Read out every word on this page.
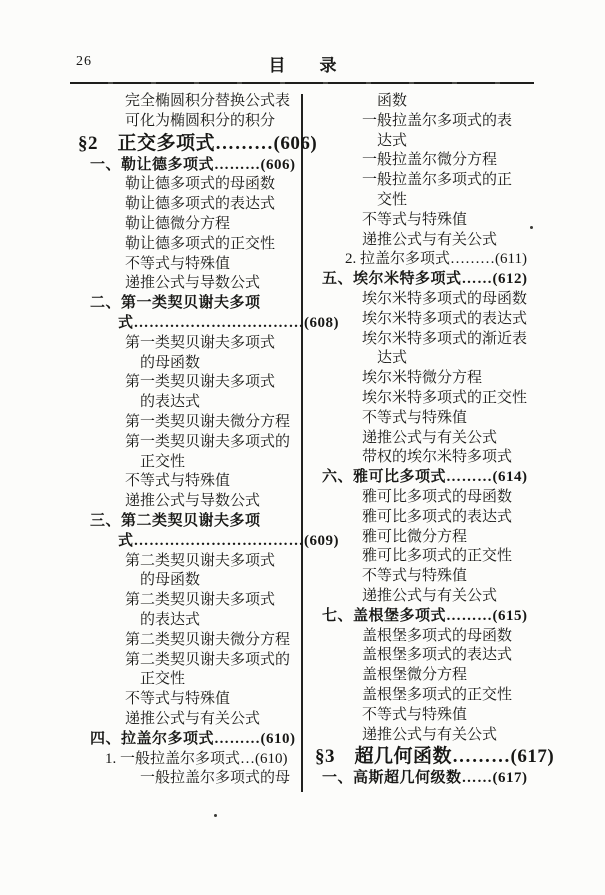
26	目　　录
完全椭圆积分替换公式表
可化为椭圆积分的积分
§2　正交多项式………(606)
一、勒让德多项式………(606)
勒让德多项式的母函数
勒让德多项式的表达式
勒让德微分方程
勒让德多项式的正交性
不等式与特殊值
递推公式与导数公式
二、第一类契贝谢夫多项
式……………………………(608)
第一类契贝谢夫多项式
的母函数
第一类契贝谢夫多项式
的表达式
第一类契贝谢夫微分方程
第一类契贝谢夫多项式的
正交性
不等式与特殊值
递推公式与导数公式
三、第二类契贝谢夫多项
式……………………………(609)
第二类契贝谢夫多项式
的母函数
第二类契贝谢夫多项式
的表达式
第二类契贝谢夫微分方程
第二类契贝谢夫多项式的
正交性
不等式与特殊值
递推公式与有关公式
四、拉盖尔多项式………(610)
1. 一般拉盖尔多项式…(610)
一般拉盖尔多项式的母
函数
一般拉盖尔多项式的表
达式
一般拉盖尔微分方程
一般拉盖尔多项式的正
交性
不等式与特殊值
递推公式与有关公式
2. 拉盖尔多项式………(611)
五、埃尔米特多项式……(612)
埃尔米特多项式的母函数
埃尔米特多项式的表达式
埃尔米特多项式的渐近表
达式
埃尔米特微分方程
埃尔米特多项式的正交性
不等式与特殊值
递推公式与有关公式
带权的埃尔米特多项式
六、雅可比多项式………(614)
雅可比多项式的母函数
雅可比多项式的表达式
雅可比微分方程
雅可比多项式的正交性
不等式与特殊值
递推公式与有关公式
七、盖根堡多项式………(615)
盖根堡多项式的母函数
盖根堡多项式的表达式
盖根堡微分方程
盖根堡多项式的正交性
不等式与特殊值
递推公式与有关公式
§3　超几何函数………(617)
一、高斯超几何级数……(617)
